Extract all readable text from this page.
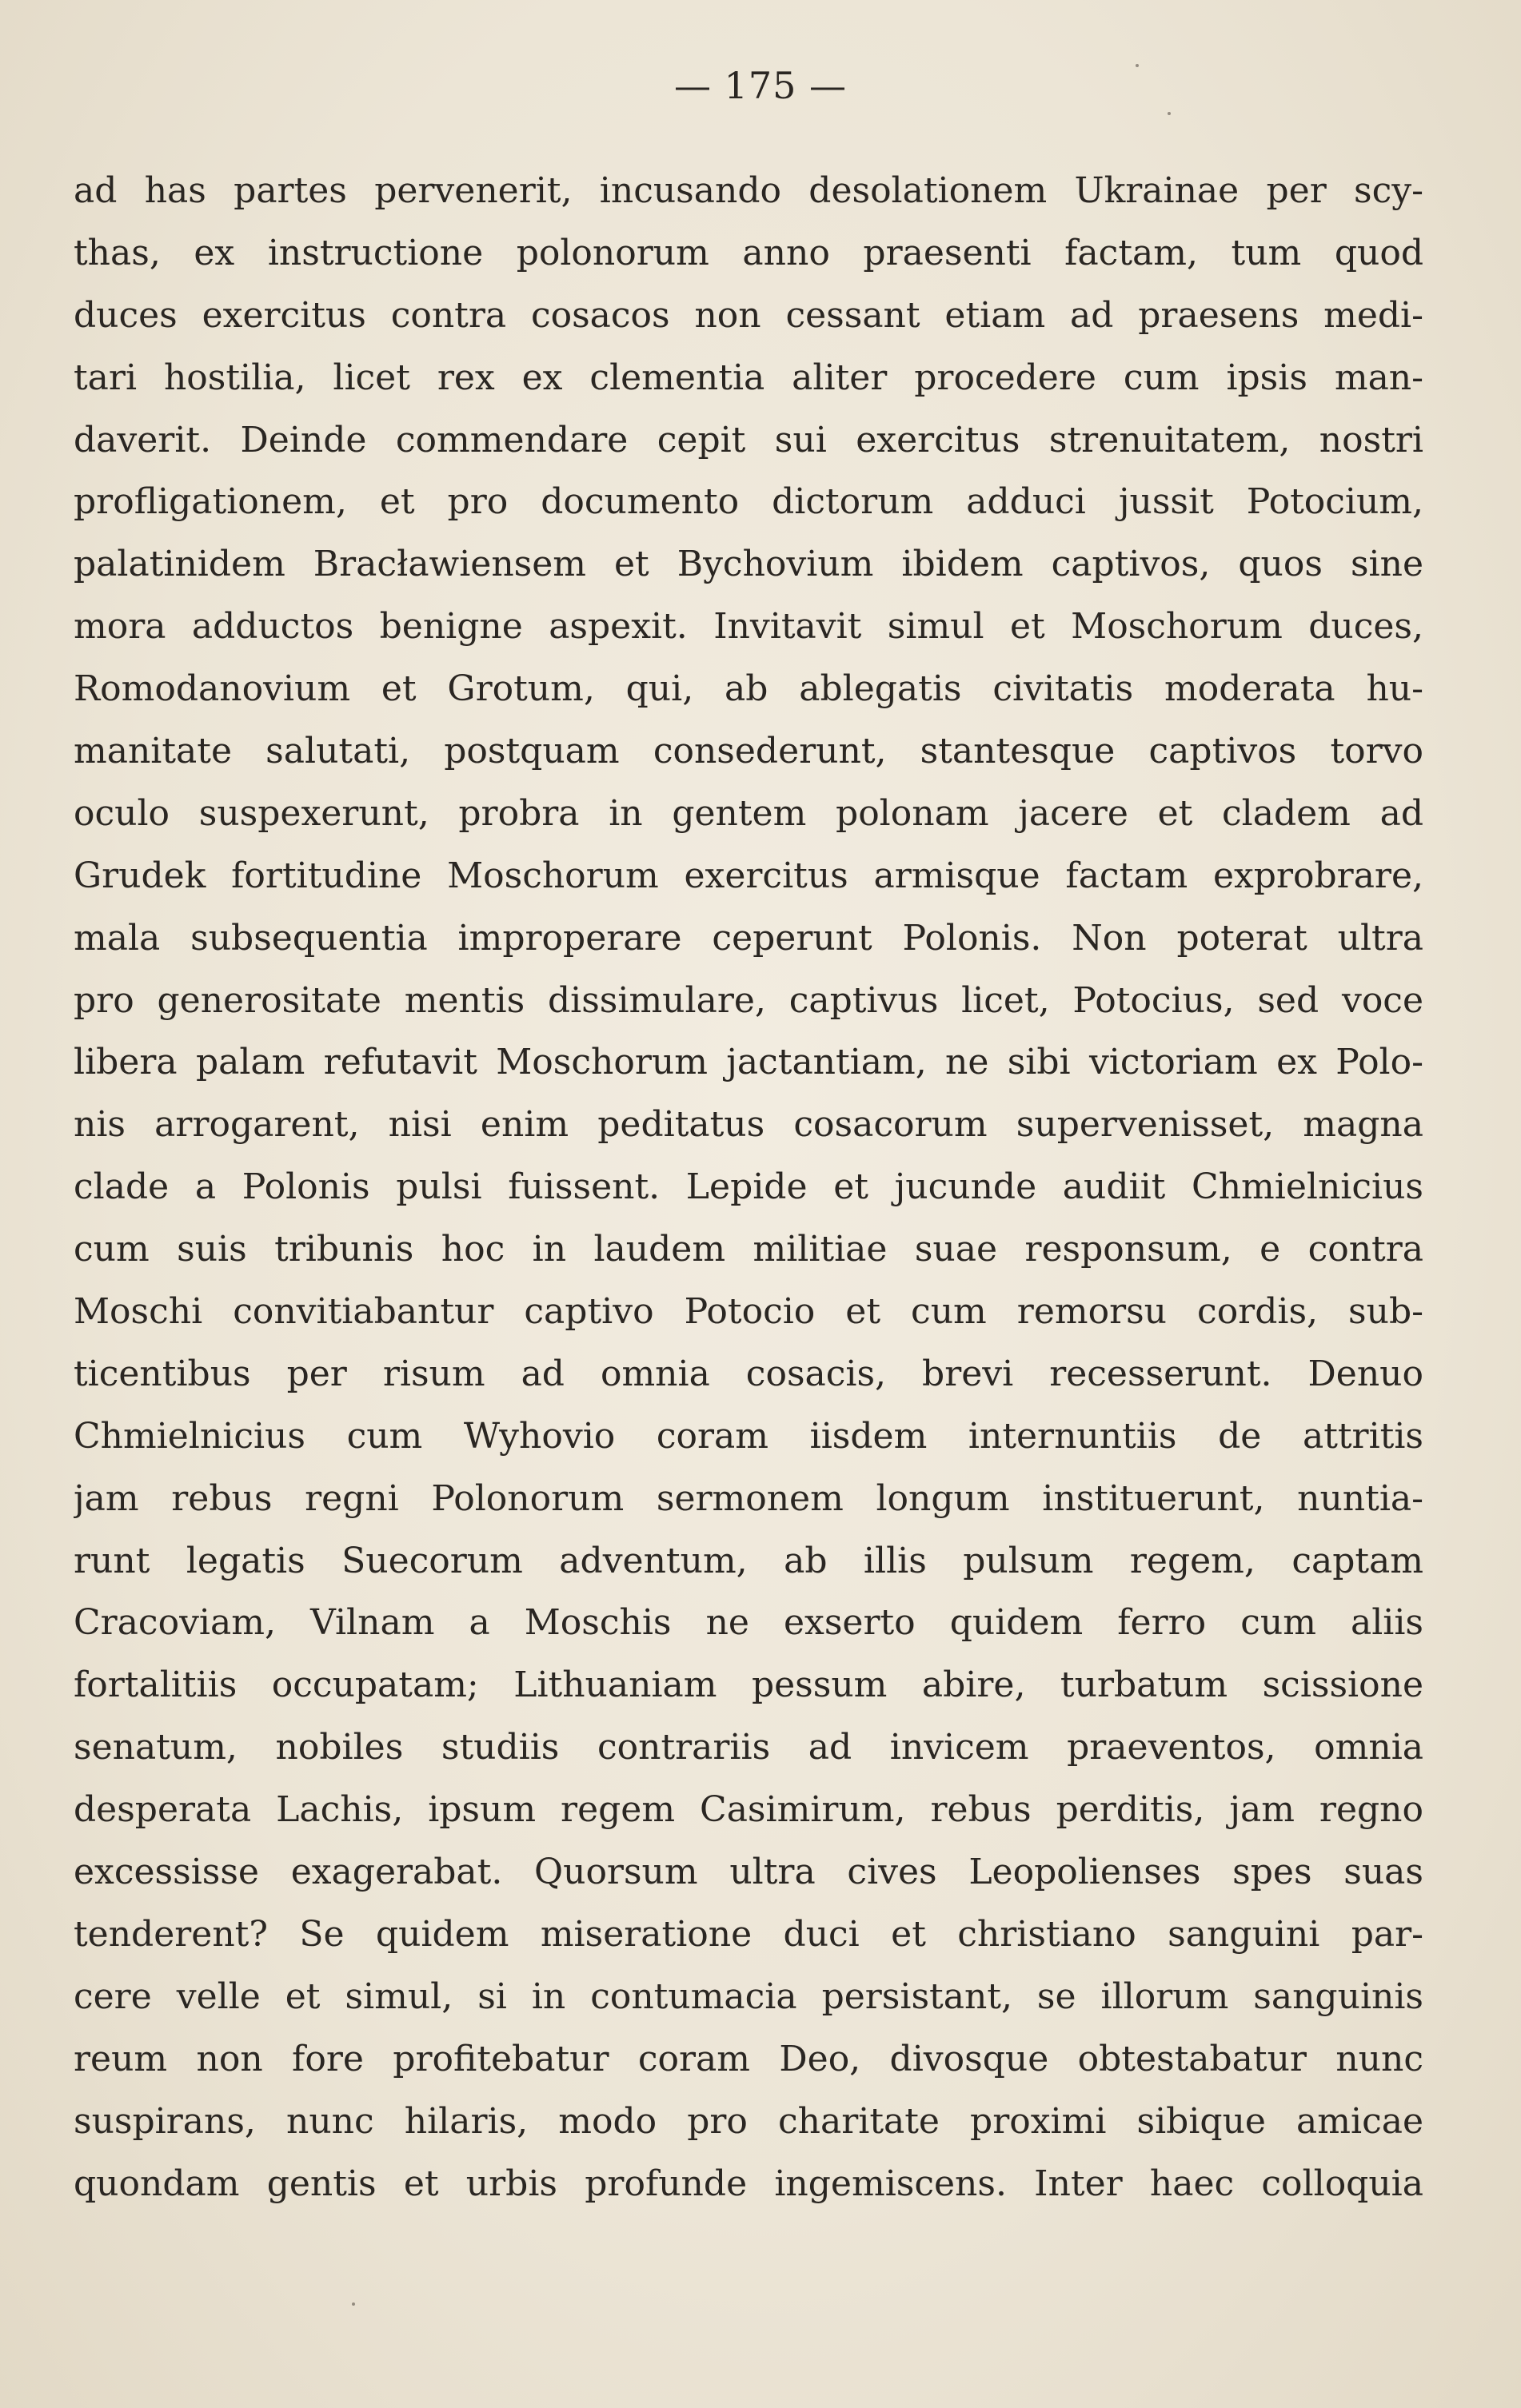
— 175 —
ad has partes pervenerit, incusando desolationem Ukrainae per scy-
thas, ex instructione polonorum anno praesenti factam, tum quod
duces exercitus contra cosacos non cessant etiam ad praesens medi-
tari hostilia, licet rex ex clementia aliter procedere cum ipsis man-
daverit. Deinde commendare cepit sui exercitus strenuitatem, nostri
profligationem, et pro documento dictorum adduci jussit Potocium,
palatinidem Bracławiensem et Bychovium ibidem captivos, quos sine
mora adductos benigne aspexit. Invitavit simul et Moschorum duces,
Romodanovium et Grotum, qui, ab ablegatis civitatis moderata hu-
manitate salutati, postquam consederunt, stantesque captivos torvo
oculo suspexerunt, probra in gentem polonam jacere et cladem ad
Grudek fortitudine Moschorum exercitus armisque factam exprobrare,
mala subsequentia improperare ceperunt Polonis. Non poterat ultra
pro generositate mentis dissimulare, captivus licet, Potocius, sed voce
libera palam refutavit Moschorum jactantiam, ne sibi victoriam ex Polo-
nis arrogarent, nisi enim peditatus cosacorum supervenisset, magna
clade a Polonis pulsi fuissent. Lepide et jucunde audiit Chmielnicius
cum suis tribunis hoc in laudem militiae suae responsum, e contra
Moschi convitiabantur captivo Potocio et cum remorsu cordis, sub-
ticentibus per risum ad omnia cosacis, brevi recesserunt. Denuo
Chmielnicius cum Wyhovio coram iisdem internuntiis de attritis
jam rebus regni Polonorum sermonem longum instituerunt, nuntia-
runt legatis Suecorum adventum, ab illis pulsum regem, captam
Cracoviam, Vilnam a Moschis ne exserto quidem ferro cum aliis
fortalitiis occupatam; Lithuaniam pessum abire, turbatum scissione
senatum, nobiles studiis contrariis ad invicem praeventos, omnia
desperata Lachis, ipsum regem Casimirum, rebus perditis, jam regno
excessisse exagerabat. Quorsum ultra cives Leopolienses spes suas
tenderent? Se quidem miseratione duci et christiano sanguini par-
cere velle et simul, si in contumacia persistant, se illorum sanguinis
reum non fore profitebatur coram Deo, divosque obtestabatur nunc
suspirans, nunc hilaris, modo pro charitate proximi sibique amicae
quondam gentis et urbis profunde ingemiscens. Inter haec colloquia
